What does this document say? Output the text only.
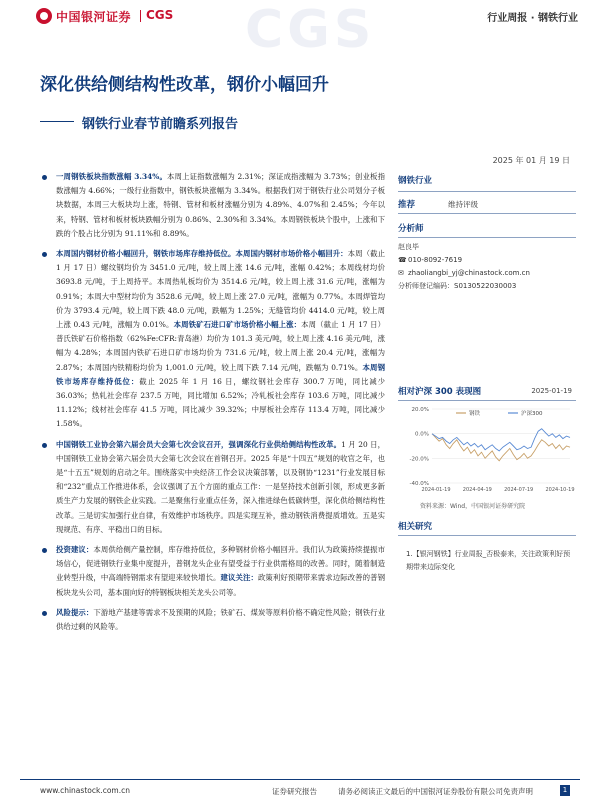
中国银河证券 CGS	行业周报 · 钢铁行业
CGS
深化供给侧结构性改革，钢价小幅回升
钢铁行业春节前瞻系列报告
2025 年 01 月 19 日
一周钢铁板块指数涨幅 3.34%。本周上证指数涨幅为 2.31%；深证成指涨幅为 3.73%；创业板指数涨幅为 4.66%；一级行业指数中，钢铁板块涨幅为 3.34%。根据我们对于钢铁行业公司划分子板块数据，本周三大板块均上涨，特钢、管材和板材涨幅分别为 4.89%、4.07%和 2.45%；今年以来，特钢、管材和板材板块跌幅分别为 0.86%、2.30%和 3.34%。本周钢铁板块个股中，上涨和下跌的个股占比分别为 91.11%和 8.89%。
本周国内钢材价格小幅回升，钢铁市场库存维持低位。本周国内钢材市场价格小幅回升：本周（截止 1 月 17 日）螺纹钢均价为 3451.0 元/吨，较上周上涨 14.6 元/吨，涨幅 0.42%；本周线材均价 3693.8 元/吨，于上周持平。本周热轧板均价为 3514.6 元/吨，较上周上涨 31.6 元/吨，涨幅为 0.91%；本周大中型材均价为 3528.6 元/吨，较上周上涨 27.0 元/吨，涨幅为 0.77%。本周焊管均价为 3793.4 元/吨，较上周下跌 48.0 元/吨，跌幅为 1.25%；无缝管均价 4414.0 元/吨，较上周上涨 0.43 元/吨，涨幅为 0.01%。本周铁矿石进口矿市场价格小幅上涨：本周（截止 1 月 17 日）普氏铁矿石价格指数（62%Fe:CFR:青岛港）均价为 101.3 美元/吨，较上周上涨 4.16 美元/吨，涨幅为 4.28%；本周国内铁矿石进口矿市场均价为 731.6 元/吨，较上周上涨 20.4 元/吨，涨幅为 2.87%；本周国内铁精粉均价为 1,001.0 元/吨，较上周下跌 7.14 元/吨，跌幅为 0.71%。本周钢铁市场库存维持低位：截止 2025 年 1 月 16 日，螺纹钢社会库存 300.7 万吨，同比减少 36.03%；热轧社会库存 237.5 万吨，同比增加 6.52%；冷轧板社会库存 103.6 万吨，同比减少 11.12%；线材社会库存 41.5 万吨，同比减少 39.32%；中厚板社会库存 113.4 万吨，同比减少 1.58%。
中国钢铁工业协会第六届会员大会第七次会议召开，强调深化行业供给侧结构性改革。1 月 20 日，中国钢铁工业协会第六届会员大会第七次会议在首钢召开。2025 年是“十四五”规划的收官之年，也是“十五五”规划的启动之年。围绕落实中央经济工作会议决策部署，以及钢协“1231”行业发展目标和“232”重点工作推进体系，会议强调了五个方面的重点工作：一是坚持技术创新引领，形成更多新质生产力发展的钢铁企业实践。二是聚焦行业重点任务，深入推进绿色低碳转型，深化供给侧结构性改革。三是切实加强行业自律，有效维护市场秩序。四是实现互补，推动钢铁消费提质增效。五是实现规范、有序、平稳出口的目标。
投资建议：本周供给侧产量控制，库存维持低位，多种钢材价格小幅回升。我们认为政策持续提振市场信心，促进钢铁行业集中度提升，普钢龙头企业有望受益于行业供需格局的改善。同时，随着制造业转型升级，中高端特钢需求有望迎来较快增长。建议关注：政策利好预期带来需求边际改善的普钢板块龙头公司，基本面向好的特钢板块相关龙头公司等。
风险提示：下游地产基建等需求不及预期的风险；铁矿石、煤炭等原料价格不确定性风险；钢铁行业供给过剩的风险等。
钢铁行业
推荐	维持评级
分析师
赵良毕
☎010-8092-7619
✉ zhaoliangbi_yj@chinastock.com.cn
分析师登记编码：S0130522030003
相对沪深 300 表现图	2025-01-19
20.0%
0.0%
-20.0%
-40.0%
2024-01-19 2024-04-19 2024-07-19 2024-10-19
钢铁	沪深300
资料来源：Wind，中国银河证券研究院
相关研究
1.【银河钢铁】行业周报_否极泰来，关注政策利好预期带来边际变化
www.chinastock.com.cn	证券研究报告	请务必阅读正文最后的中国银河证券股份有限公司免责声明	1
